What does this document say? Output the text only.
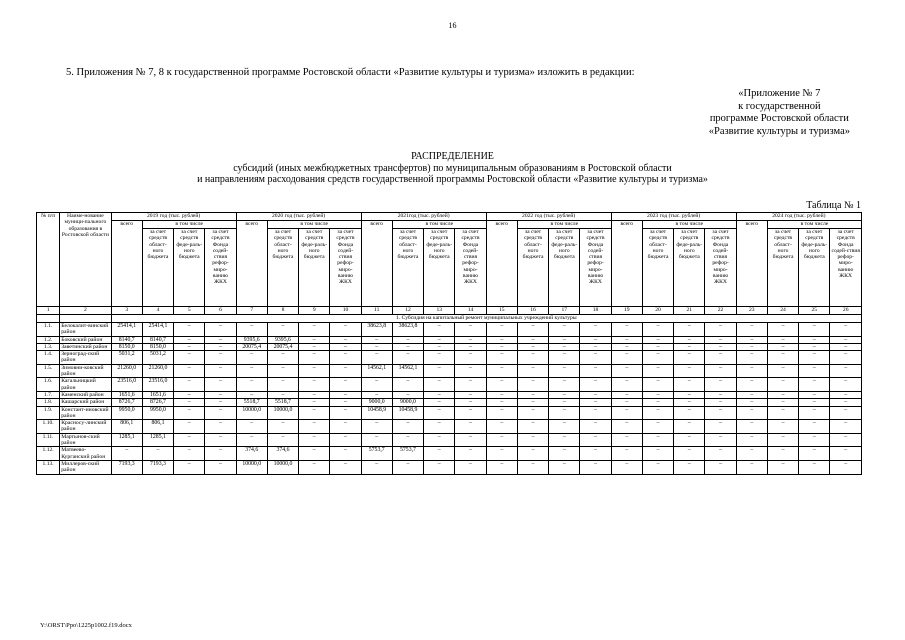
16
5. Приложения № 7, 8 к государственной программе Ростовской области «Развитие культуры и туризма» изложить в редакции:
«Приложение № 7
к государственной
программе Ростовской области
«Развитие культуры и туризма»
РАСПРЕДЕЛЕНИЕ
субсидий (иных межбюджетных трансфертов) по муниципальным образованиям в Ростовской области
и направлениям расходования средств государственной программы Ростовской области «Развитие культуры и туризма»
Таблица № 1
№ п/п	Наиме-нование муници-пального образования в Ростовской области	2019 год (тыс. рублей)				2020 год (тыс. рублей)				2021год (тыс. рублей)				2022 год (тыс. рублей)				2023 год (тыс. рублей)				2024 год (тыс. рублей)			
		всего	в том числе			всего	в том числе			всего	в том числе			всего	в том числе			всего	в том числе			всего	в том числе		
			за счет средств област-ного бюджета	за счет средств феде-раль-ного бюджета	за счет средств Фонда содей-ствия рефор-миро-ванию ЖКХ		за счет средств област-ного бюджета	за счет средств феде-раль-ного бюджета	за счет средств Фонда содей-ствия рефор-миро-ванию ЖКХ		за счет средств област-ного бюджета	за счет средств феде-раль-ного бюджета	за счет средств Фонда содей-ствия рефор-миро-ванию ЖКХ		за счет средств област-ного бюджета	за счет средств феде-раль-ного бюджета	за счет средств Фонда содей-ствия рефор-миро-ванию ЖКХ		за счет средств област-ного бюджета	за счет средств феде-раль-ного бюджета	за счет средств Фонда содей-ствия рефор-миро-ванию ЖКХ		за счет средств област-ного бюджета	за счет средств феде-раль-ного бюджета	за счет средств Фонда содей-ствия рефор-миро-ванию ЖКХ
1	2	3	4	5	6	7	8	9	10	11	12	13	14	15	16	17	18	19	20	21	22	23	24	25	26
		1. Субсидия на капитальный ремонт муниципальных учреждений культуры																							
1.1.	Белокалит-винский район	25414,1	25414,1	–	–	–	–	–	–	38623,8	38623,8	–	–	–	–	–	–	–	–	–	–	–	–	–	–
1.2.	Боковский район	8140,7	8140,7	–	–	9395,6	9395,6	–	–	–	–	–	–	–	–	–	–	–	–	–	–	–	–	–	–
1.3.	Заветинский район	8150,0	8150,0	–	–	20075,4	20075,4	–	–	–	–	–	–	–	–	–	–	–	–	–	–	–	–	–	–
1.4.	Зерноград-ский район	5031,2	5031,2	–	–	–	–	–	–	–	–	–	–	–	–	–	–	–	–	–	–	–	–	–	–
1.5.	Зимовни-ковский район	21260,0	21260,0	–	–	–	–	–	–	14562,1	14562,1	–	–	–	–	–	–	–	–	–	–	–	–	–	–
1.6.	Кагальницкий район	23516,0	23516,0	–	–	–	–	–	–	–	–	–	–	–	–	–	–	–	–	–	–	–	–	–	–
1.7.	Каменский район	1651,6	1651,6	–	–	–	–	–	–	–	–	–	–	–	–	–	–	–	–	–	–	–	–	–	–
1.8.	Кашарский район	8726,7	8726,7	–	–	5518,7	5518,7	–	–	9000,0	9000,0	–	–	–	–	–	–	–	–	–	–	–	–	–	–
1.9.	Констант-иновский район	9950,0	9950,0	–	–	10000,0	10000,0	–	–	10458,9	10458,9	–	–	–	–	–	–	–	–	–	–	–	–	–	–
1.10.	Красносу-линский район	806,1	806,1	–	–	–	–	–	–	–	–	–	–	–	–	–	–	–	–	–	–	–	–	–	–
1.11.	Мартынов-ский район	1285,1	1285,1	–	–	–	–	–	–	–	–	–	–	–	–	–	–	–	–	–	–	–	–	–	–
1.12.	Матвеево-Курганский район	–	–	–	–	374,6	374,6	–	–	5753,7	5753,7	–	–	–	–	–	–	–	–	–	–	–	–	–	–
1.13.	Миллеров-ский район	7193,3	7193,3	–	–	10000,0	10000,0	–	–	–	–	–	–	–	–	–	–	–	–	–	–	–	–	–	–
Y:\ORST\Ppo\1225p1002.f19.docx
